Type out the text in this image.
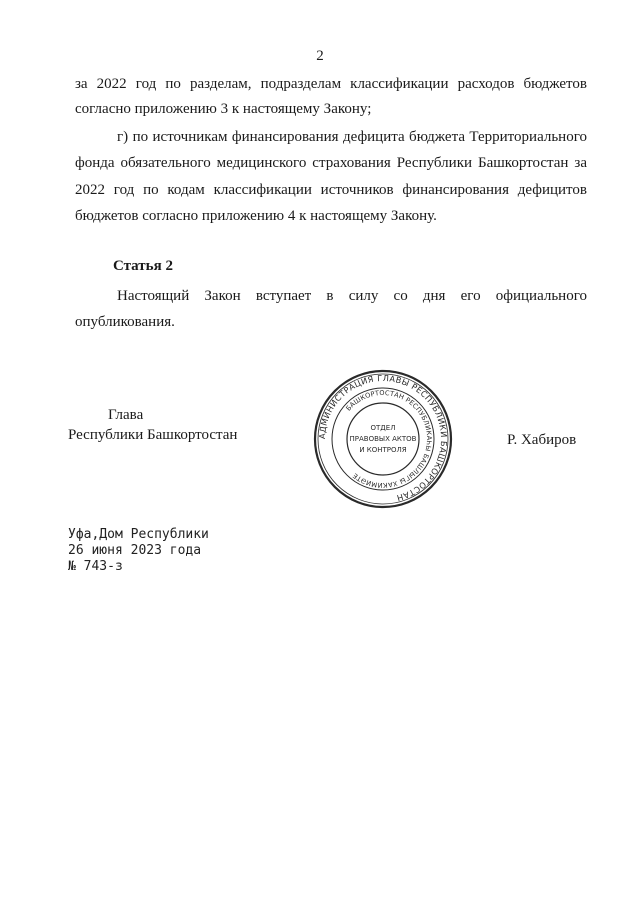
2
за 2022 год по разделам, подразделам классификации расходов бюджетов
согласно приложению 3 к настоящему Закону;
г) по источникам финансирования дефицита бюджета Территориального
фонда обязательного медицинского страхования Республики Башкортостан за
2022 год по кодам классификации источников финансирования дефицитов
бюджетов согласно приложению 4 к настоящему Закону.
Статья 2
Настоящий Закон вступает в силу со дня его официального
опубликования.
Глава
Республики Башкортостан	Р. Хабиров
АДМИНИСТРАЦИЯ ГЛАВЫ РЕСПУБЛИКИ БАШКОРТОСТАН
БАШКОРТОСТАН РЕСПУБЛИКАҺЫ БАШЛЫГЫ ХАКИМИӘТЕ
ОТДЕЛ
ПРАВОВЫХ АКТОВ
И КОНТРОЛЯ
Уфа,Дом Республики
26 июня 2023 года
№ 743-з
